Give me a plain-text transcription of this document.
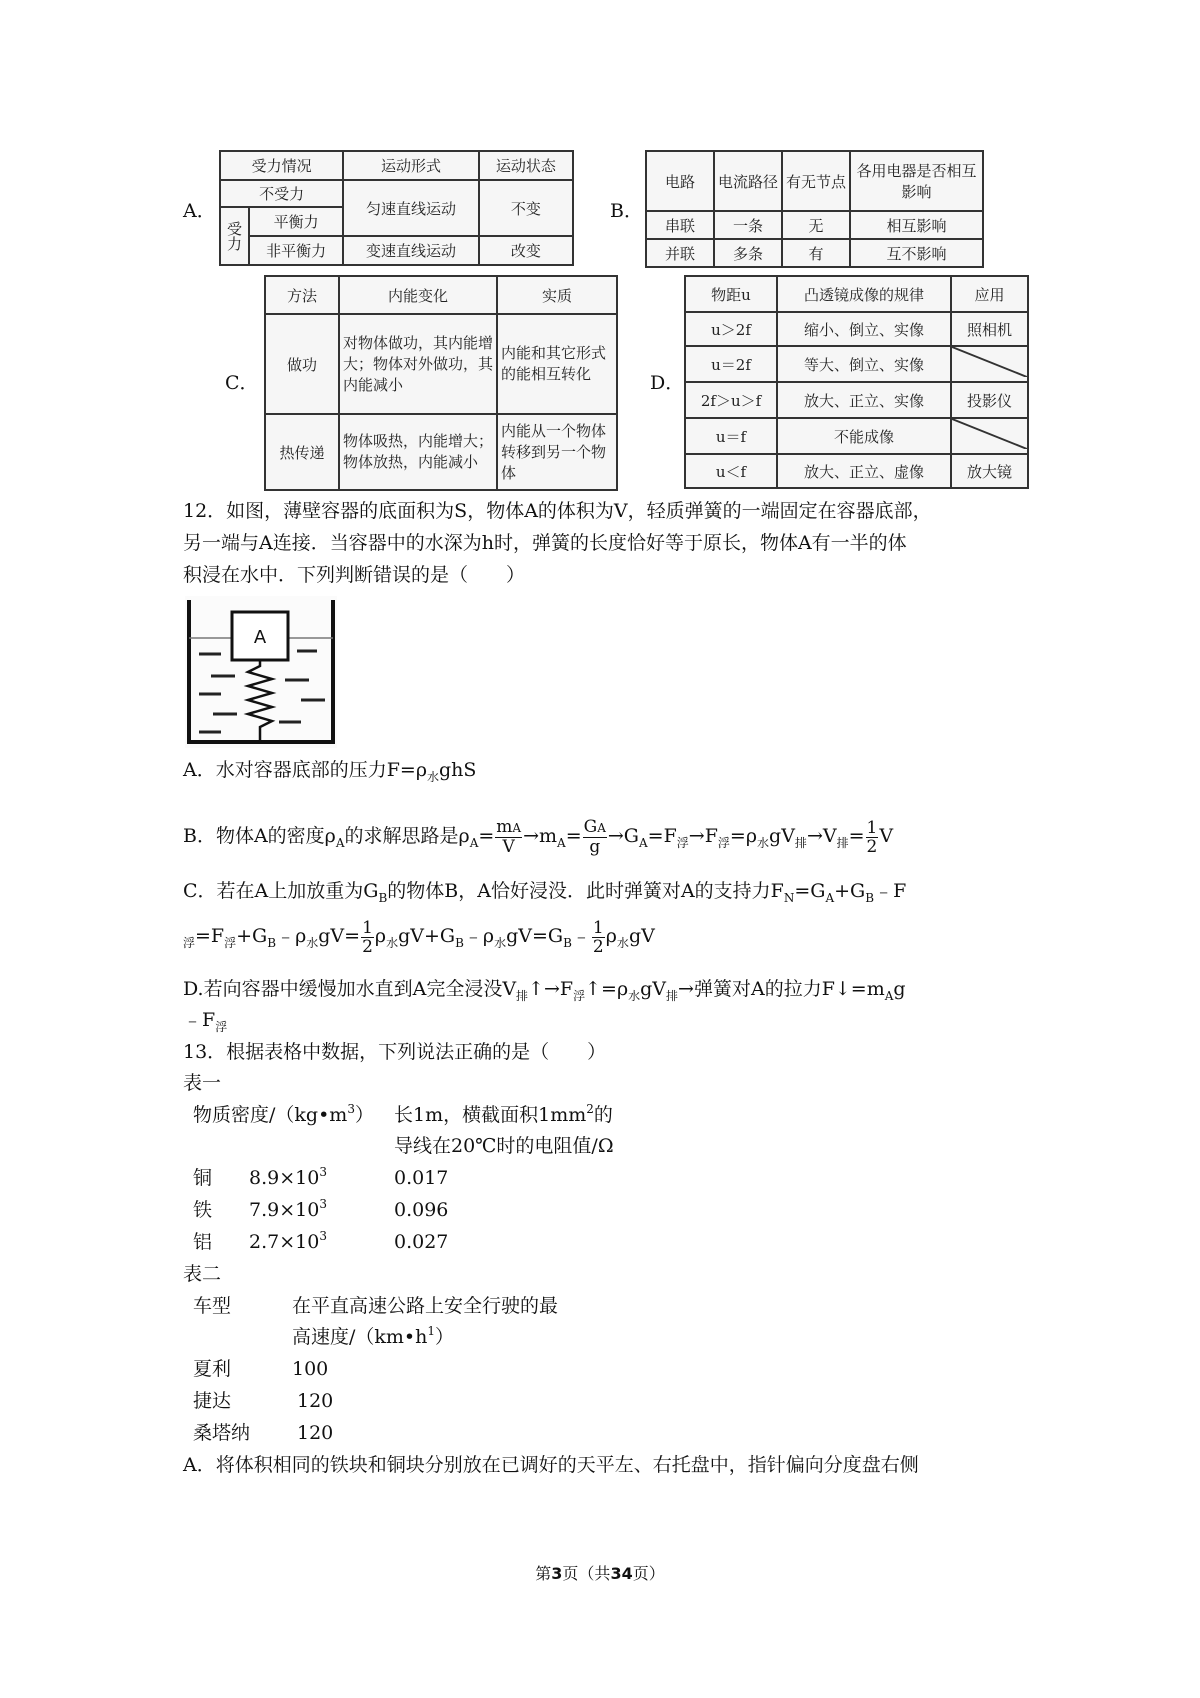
A．
受力情况		运动形式	运动状态
不受力		匀速直线运动	不变
受力	平衡力		
	非平衡力	变速直线运动	改变
B．
电路	电流路径	有无节点	各用电器是否相互影响
串联	一条	无	相互影响
并联	多条	有	互不影响
C．
方法	内能变化	实质
做功	对物体做功，其内能增大；物体对外做功，其内能减小	内能和其它形式的能相互转化
热传递	物体吸热，内能增大；物体放热，内能减小	内能从一个物体转移到另一个物体
D．
物距u	凸透镜成像的规律	应用
u＞2f	缩小、倒立、实像	照相机
u＝2f	等大、倒立、实像	
2f＞u＞f	放大、正立、实像	投影仪
u＝f	不能成像	
u＜f	放大、正立、虚像	放大镜
12．如图，薄壁容器的底面积为S，物体A的体积为V，轻质弹簧的一端固定在容器底部，
另一端与A连接．当容器中的水深为h时，弹簧的长度恰好等于原长，物体A有一半的体
积浸在水中．下列判断错误的是（　　）
A
A．水对容器底部的压力$F=\rho_水ghS$
B．物体A的密度$\rho_A$的求解思路是$\rho_A= \frac{mA}{V} \to m_A= \frac{GA}{g} \to G_A=F_浮\to F_浮=\rho_水gV_排\to V_排= \frac{1}{2}$ V
C．若在A上加放重为$G_B$的物体B，A恰好浸没．此时弹簧对A的支持力$F_N=G_A+G_B﹣F$
$_浮=F_浮+G_B﹣\rho_水gV= \frac{1}{2}$ $\rho_水gV+G_B﹣\rho_水gV=G_B﹣ \frac{1}{2} \rho_水gV$
D.若向容器中缓慢加水直到A完全浸没$V_排↑\to F_浮↑=\rho_水gV_排\to$弹簧对A的拉力$F↓=m_Ag$
$﹣F_浮$
13．根据表格中数据，下列说法正确的是（　　）
表一
物质密度$/(kg•m^3)$ 长1m，横截面积$1mm^2$的
导线在20℃时的电阻值/Ω
铜 $8.9\times 10^3$	0.017
铁 $7.9\times 10^3$	0.096
铝 $2.7\times 10^3$	0.027
表二
车型	在平直高速公路上安全行驶的最
高速度$/(km•h^1)$
夏利	100
捷达	120
桑塔纳 120
A．将体积相同的铁块和铜块分别放在已调好的天平左、右托盘中，指针偏向分度盘右侧
第3页（共34页）
